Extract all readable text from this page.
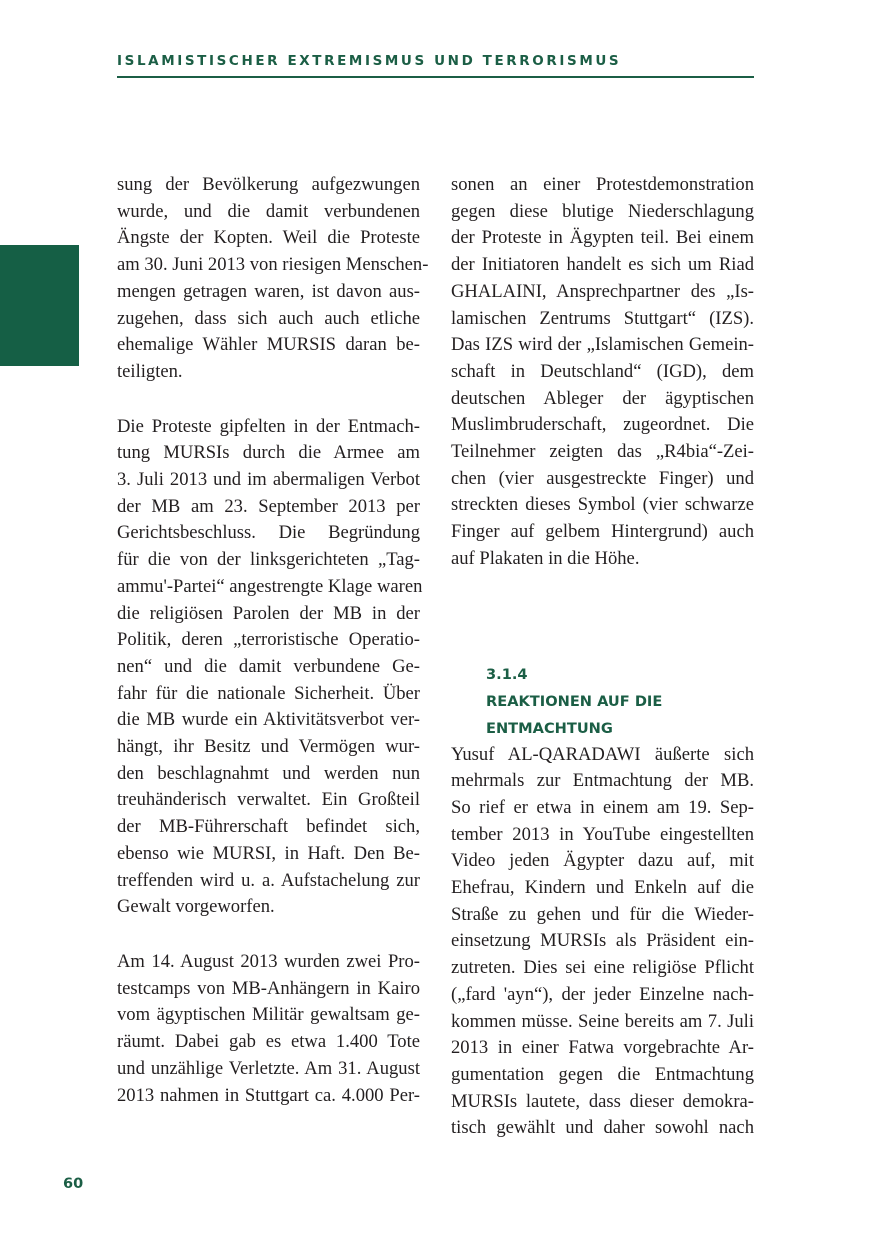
ISLAMISTISCHER EXTREMISMUS UND TERRORISMUS

sung der Bevölkerung aufgezwungen
wurde, und die damit verbundenen
Ängste der Kopten. Weil die Proteste
am 30. Juni 2013 von riesigen Menschen-
mengen getragen waren, ist davon aus-
zugehen, dass sich auch auch etliche
ehemalige Wähler MURSIS daran be-
teiligten.

Die Proteste gipfelten in der Entmach-
tung MURSIs durch die Armee am
3. Juli 2013 und im abermaligen Verbot
der MB am 23. September 2013 per
Gerichtsbeschluss. Die Begründung
für die von der linksgerichteten „Tag-
ammu'-Partei“ angestrengte Klage waren
die religiösen Parolen der MB in der
Politik, deren „terroristische Operatio-
nen“ und die damit verbundene Ge-
fahr für die nationale Sicherheit. Über
die MB wurde ein Aktivitätsverbot ver-
hängt, ihr Besitz und Vermögen wur-
den beschlagnahmt und werden nun
treuhänderisch verwaltet. Ein Großteil
der MB-Führerschaft befindet sich,
ebenso wie MURSI, in Haft. Den Be-
treffenden wird u. a. Aufstachelung zur
Gewalt vorgeworfen.

Am 14. August 2013 wurden zwei Pro-
testcamps von MB-Anhängern in Kairo
vom ägyptischen Militär gewaltsam ge-
räumt. Dabei gab es etwa 1.400 Tote
und unzählige Verletzte. Am 31. August
2013 nahmen in Stuttgart ca. 4.000 Per-

sonen an einer Protestdemonstration
gegen diese blutige Niederschlagung
der Proteste in Ägypten teil. Bei einem
der Initiatoren handelt es sich um Riad
GHALAINI, Ansprechpartner des „Is-
lamischen Zentrums Stuttgart“ (IZS).
Das IZS wird der „Islamischen Gemein-
schaft in Deutschland“ (IGD), dem
deutschen Ableger der ägyptischen
Muslimbruderschaft, zugeordnet. Die
Teilnehmer zeigten das „R4bia“-Zei-
chen (vier ausgestreckte Finger) und
streckten dieses Symbol (vier schwarze
Finger auf gelbem Hintergrund) auch
auf Plakaten in die Höhe.

3.1.4
REAKTIONEN AUF DIE
ENTMACHTUNG

Yusuf AL-QARADAWI äußerte sich
mehrmals zur Entmachtung der MB.
So rief er etwa in einem am 19. Sep-
tember 2013 in YouTube eingestellten
Video jeden Ägypter dazu auf, mit
Ehefrau, Kindern und Enkeln auf die
Straße zu gehen und für die Wieder-
einsetzung MURSIs als Präsident ein-
zutreten. Dies sei eine religiöse Pflicht
(„fard 'ayn“), der jeder Einzelne nach-
kommen müsse. Seine bereits am 7. Juli
2013 in einer Fatwa vorgebrachte Ar-
gumentation gegen die Entmachtung
MURSIs lautete, dass dieser demokra-
tisch gewählt und daher sowohl nach

60
